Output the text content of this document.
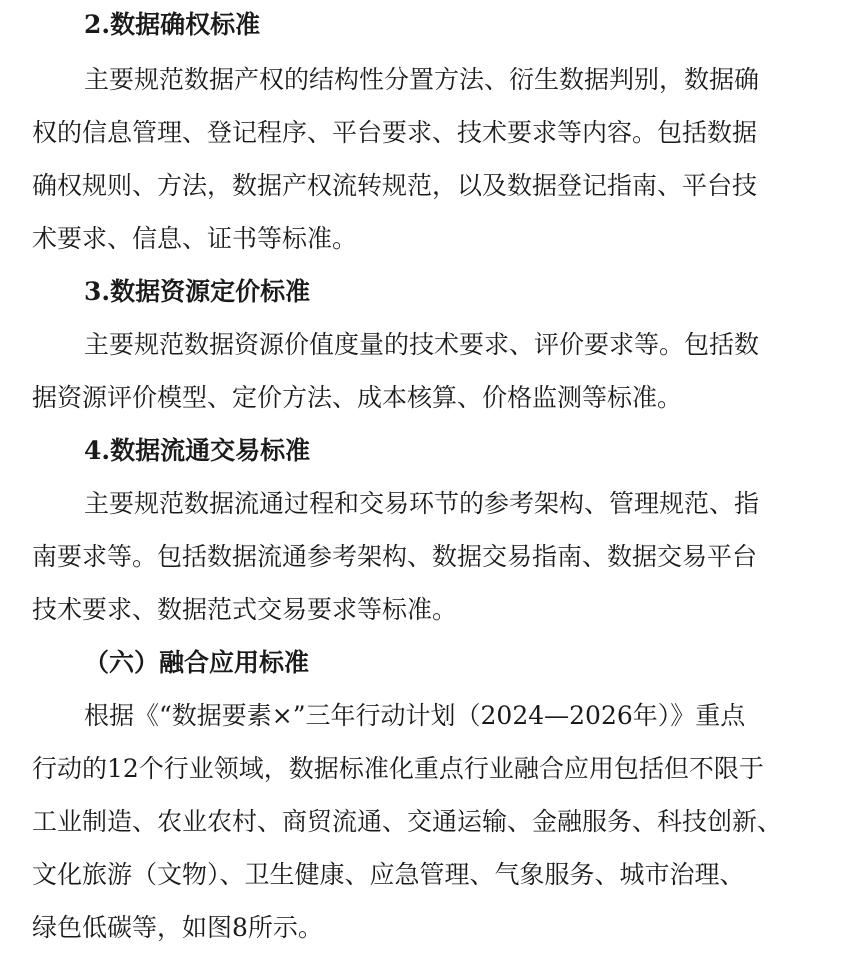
2.数据确权标准
主要规范数据产权的结构性分置方法、衍生数据判别，数据确
权的信息管理、登记程序、平台要求、技术要求等内容。包括数据
确权规则、方法，数据产权流转规范，以及数据登记指南、平台技
术要求、信息、证书等标准。
3.数据资源定价标准
主要规范数据资源价值度量的技术要求、评价要求等。包括数
据资源评价模型、定价方法、成本核算、价格监测等标准。
4.数据流通交易标准
主要规范数据流通过程和交易环节的参考架构、管理规范、指
南要求等。包括数据流通参考架构、数据交易指南、数据交易平台
技术要求、数据范式交易要求等标准。
（六）融合应用标准
根据《“数据要素×”三年行动计划（2024—2026年）》重点
行动的12个行业领域，数据标准化重点行业融合应用包括但不限于
工业制造、农业农村、商贸流通、交通运输、金融服务、科技创新、
文化旅游（文物）、卫生健康、应急管理、气象服务、城市治理、
绿色低碳等，如图8所示。
